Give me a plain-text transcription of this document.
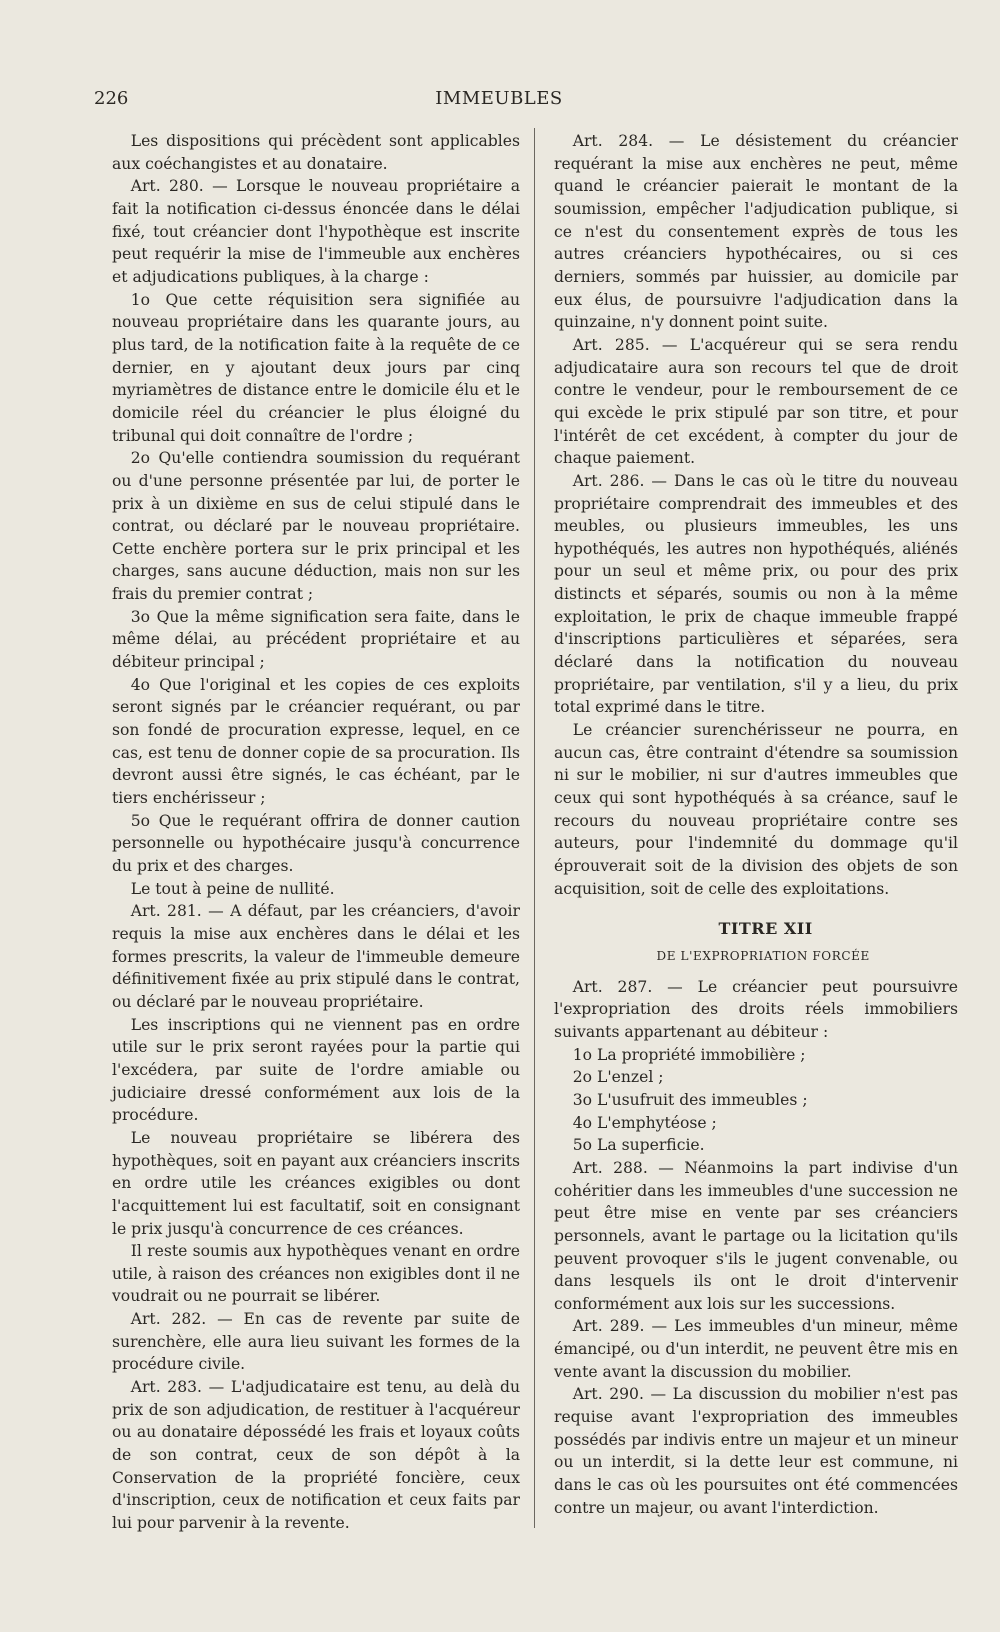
226	IMMEUBLES

Les dispositions qui précèdent sont applicables aux coéchangistes et au donataire.

Art. 280. — Lorsque le nouveau propriétaire a fait la notification ci-dessus énoncée dans le délai fixé, tout créancier dont l'hypothèque est inscrite peut requérir la mise de l'immeuble aux enchères et adjudications publiques, à la charge :

1o Que cette réquisition sera signifiée au nouveau propriétaire dans les quarante jours, au plus tard, de la notification faite à la requête de ce dernier, en y ajoutant deux jours par cinq myriamètres de distance entre le domicile élu et le domicile réel du créancier le plus éloigné du tribunal qui doit connaître de l'ordre ;

2o Qu'elle contiendra soumission du requérant ou d'une personne présentée par lui, de porter le prix à un dixième en sus de celui stipulé dans le contrat, ou déclaré par le nouveau propriétaire. Cette enchère portera sur le prix principal et les charges, sans aucune déduction, mais non sur les frais du premier contrat ;

3o Que la même signification sera faite, dans le même délai, au précédent propriétaire et au débiteur principal ;

4o Que l'original et les copies de ces exploits seront signés par le créancier requérant, ou par son fondé de procuration expresse, lequel, en ce cas, est tenu de donner copie de sa procuration. Ils devront aussi être signés, le cas échéant, par le tiers enchérisseur ;

5o Que le requérant offrira de donner caution personnelle ou hypothécaire jusqu'à concurrence du prix et des charges.

Le tout à peine de nullité.

Art. 281. — A défaut, par les créanciers, d'avoir requis la mise aux enchères dans le délai et les formes prescrits, la valeur de l'immeuble demeure définitivement fixée au prix stipulé dans le contrat, ou déclaré par le nouveau propriétaire.

Les inscriptions qui ne viennent pas en ordre utile sur le prix seront rayées pour la partie qui l'excédera, par suite de l'ordre amiable ou judiciaire dressé conformément aux lois de la procédure.

Le nouveau propriétaire se libérera des hypothèques, soit en payant aux créanciers inscrits en ordre utile les créances exigibles ou dont l'acquittement lui est facultatif, soit en consignant le prix jusqu'à concurrence de ces créances.

Il reste soumis aux hypothèques venant en ordre utile, à raison des créances non exigibles dont il ne voudrait ou ne pourrait se libérer.

Art. 282. — En cas de revente par suite de surenchère, elle aura lieu suivant les formes de la procédure civile.

Art. 283. — L'adjudicataire est tenu, au delà du prix de son adjudication, de restituer à l'acquéreur ou au donataire dépossédé les frais et loyaux coûts de son contrat, ceux de son dépôt à la Conservation de la propriété foncière, ceux d'inscription, ceux de notification et ceux faits par lui pour parvenir à la revente.

Art. 284. — Le désistement du créancier requérant la mise aux enchères ne peut, même quand le créancier paierait le montant de la soumission, empêcher l'adjudication publique, si ce n'est du consentement exprès de tous les autres créanciers hypothécaires, ou si ces derniers, sommés par huissier, au domicile par eux élus, de poursuivre l'adjudication dans la quinzaine, n'y donnent point suite.

Art. 285. — L'acquéreur qui se sera rendu adjudicataire aura son recours tel que de droit contre le vendeur, pour le remboursement de ce qui excède le prix stipulé par son titre, et pour l'intérêt de cet excédent, à compter du jour de chaque paiement.

Art. 286. — Dans le cas où le titre du nouveau propriétaire comprendrait des immeubles et des meubles, ou plusieurs immeubles, les uns hypothéqués, les autres non hypothéqués, aliénés pour un seul et même prix, ou pour des prix distincts et séparés, soumis ou non à la même exploitation, le prix de chaque immeuble frappé d'inscriptions particulières et séparées, sera déclaré dans la notification du nouveau propriétaire, par ventilation, s'il y a lieu, du prix total exprimé dans le titre.

Le créancier surenchérisseur ne pourra, en aucun cas, être contraint d'étendre sa soumission ni sur le mobilier, ni sur d'autres immeubles que ceux qui sont hypothéqués à sa créance, sauf le recours du nouveau propriétaire contre ses auteurs, pour l'indemnité du dommage qu'il éprouverait soit de la division des objets de son acquisition, soit de celle des exploitations.

TITRE XII

DE L'EXPROPRIATION FORCÉE

Art. 287. — Le créancier peut poursuivre l'expropriation des droits réels immobiliers suivants appartenant au débiteur :

1o La propriété immobilière ;

2o L'enzel ;

3o L'usufruit des immeubles ;

4o L'emphytéose ;

5o La superficie.

Art. 288. — Néanmoins la part indivise d'un cohéritier dans les immeubles d'une succession ne peut être mise en vente par ses créanciers personnels, avant le partage ou la licitation qu'ils peuvent provoquer s'ils le jugent convenable, ou dans lesquels ils ont le droit d'intervenir conformément aux lois sur les successions.

Art. 289. — Les immeubles d'un mineur, même émancipé, ou d'un interdit, ne peuvent être mis en vente avant la discussion du mobilier.

Art. 290. — La discussion du mobilier n'est pas requise avant l'expropriation des immeubles possédés par indivis entre un majeur et un mineur ou un interdit, si la dette leur est commune, ni dans le cas où les poursuites ont été commencées contre un majeur, ou avant l'interdiction.
